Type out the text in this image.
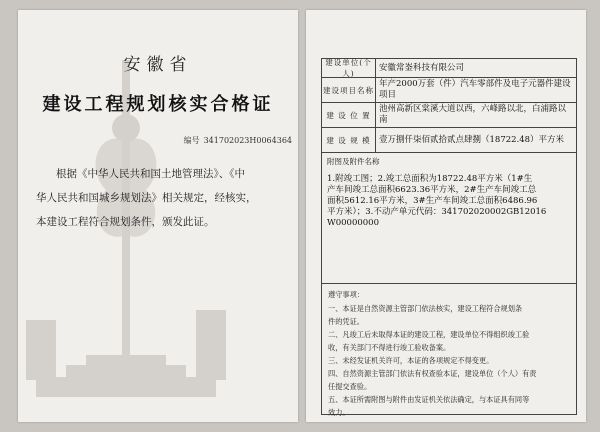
安徽省
建设工程规划核实合格证
编号 341702023H0064364

根据《中华人民共和国土地管理法》、《中

华人民共和国城乡规划法》相关规定，经核实，

本建设工程符合规划条件，颁发此证。

建设单位(个人)
安徽常崟科技有限公司
建设项目名称
年产2000万套（件）汽车零部件及电子元器件建设项目
建 设 位 置
池州高新区棠溪大道以西，六峰路以北，白浦路以南
建 设 规 模 壹万捌仟柒佰贰拾贰点肆捌（18722.48）平方米
附图及附件名称
1.附竣工图；2.竣工总面积为18722.48平方米（1#生
产车间竣工总面积6623.36平方米，2#生产车间竣工总
面积5612.16平方米，3#生产车间竣工总面积6486.96
平方米）；3.不动产单元代码：341702020002GB12016
W00000000

遵守事项：

一、本证是自然资源主管部门依法核实，建设工程符合规划条

件的凭证。

二、凡竣工后未取得本证的建设工程，建设单位不得组织竣工验

收，有关部门不得进行竣工验收备案。

三、未经发证机关许可，本证的各项规定不得变更。

四、自然资源主管部门依法有权查验本证，建设单位（个人）有责

任提交查验。

五、本证所需附图与附件由发证机关依法确定，与本证具有同等

效力。
